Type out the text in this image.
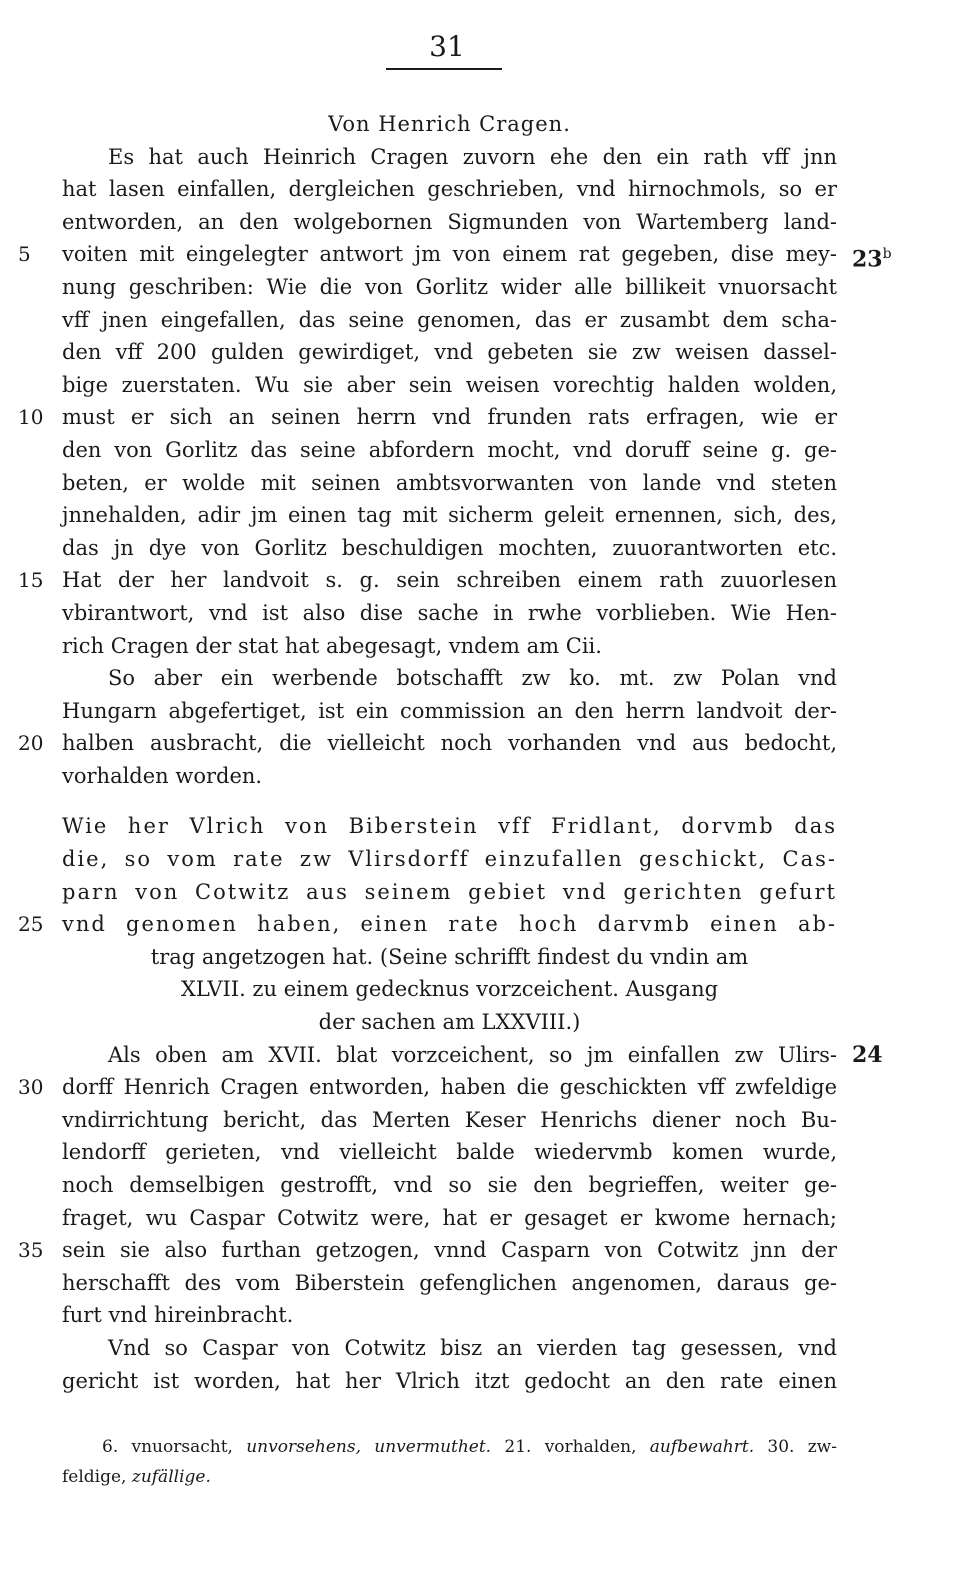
31
Von Henrich Cragen.
Es hat auch Heinrich Cragen zuvorn ehe den ein rath vff jnn
hat lasen einfallen, dergleichen geschrieben, vnd hirnochmols, so er
entworden, an den wolgebornen Sigmunden von Wartemberg land-
5	voiten mit eingelegter antwort jm von einem rat gegeben, dise mey- 23$^b$
nung geschriben: Wie die von Gorlitz wider alle billikeit vnuorsacht
vff jnen eingefallen, das seine genomen, das er zusambt dem scha-
den vff 200 gulden gewirdiget, vnd gebeten sie zw weisen dassel-
bige zuerstaten. Wu sie aber sein weisen vorechtig halden wolden,
10 must er sich an seinen herrn vnd frunden rats erfragen, wie er
den von Gorlitz das seine abfordern mocht, vnd doruff seine g. ge-
beten, er wolde mit seinen ambtsvorwanten von lande vnd steten
jnnehalden, adir jm einen tag mit sicherm geleit ernennen, sich, des,
das jn dye von Gorlitz beschuldigen mochten, zuuorantworten etc.
15 Hat der her landvoit s. g. sein schreiben einem rath zuuorlesen
vbirantwort, vnd ist also dise sache in rwhe vorblieben. Wie Hen-
rich Cragen der stat hat abegesagt, vndem am Cii.
So aber ein werbende botschafft zw ko. mt. zw Polan vnd
Hungarn abgefertiget, ist ein commission an den herrn landvoit der-
20 halben ausbracht, die vielleicht noch vorhanden vnd aus bedocht,
vorhalden worden.
Wie her Vlrich von Biberstein vff Fridlant, dorvmb das
die, so vom rate zw Vlirsdorff einzufallen geschickt, Cas-
parn von Cotwitz aus seinem gebiet vnd gerichten gefurt
25 vnd genomen haben, einen rate hoch darvmb einen ab-
trag angetzogen hat. (Seine schrifft findest du vndin am
XLVII. zu einem gedecknus vorzceichent. Ausgang
der sachen am LXXVIII.)
Als oben am XVII. blat vorzceichent, so jm einfallen zw Ulirs- 24
30 dorff Henrich Cragen entworden, haben die geschickten vff zwfeldige
vndirrichtung bericht, das Merten Keser Henrichs diener noch Bu-
lendorff gerieten, vnd vielleicht balde wiedervmb komen wurde,
noch demselbigen gestrofft, vnd so sie den begrieffen, weiter ge-
fraget, wu Caspar Cotwitz were, hat er gesaget er kwome hernach;
35 sein sie also furthan getzogen, vnnd Casparn von Cotwitz jnn der
herschafft des vom Biberstein gefenglichen angenomen, daraus ge-
furt vnd hireinbracht.
Vnd so Caspar von Cotwitz bisz an vierden tag gesessen, vnd
gericht ist worden, hat her Vlrich itzt gedocht an den rate einen
6. vnuorsacht, unvorsehens, unvermuthet. 21. vorhalden, aufbewahrt. 30. zw-
feldige, zufällige.
